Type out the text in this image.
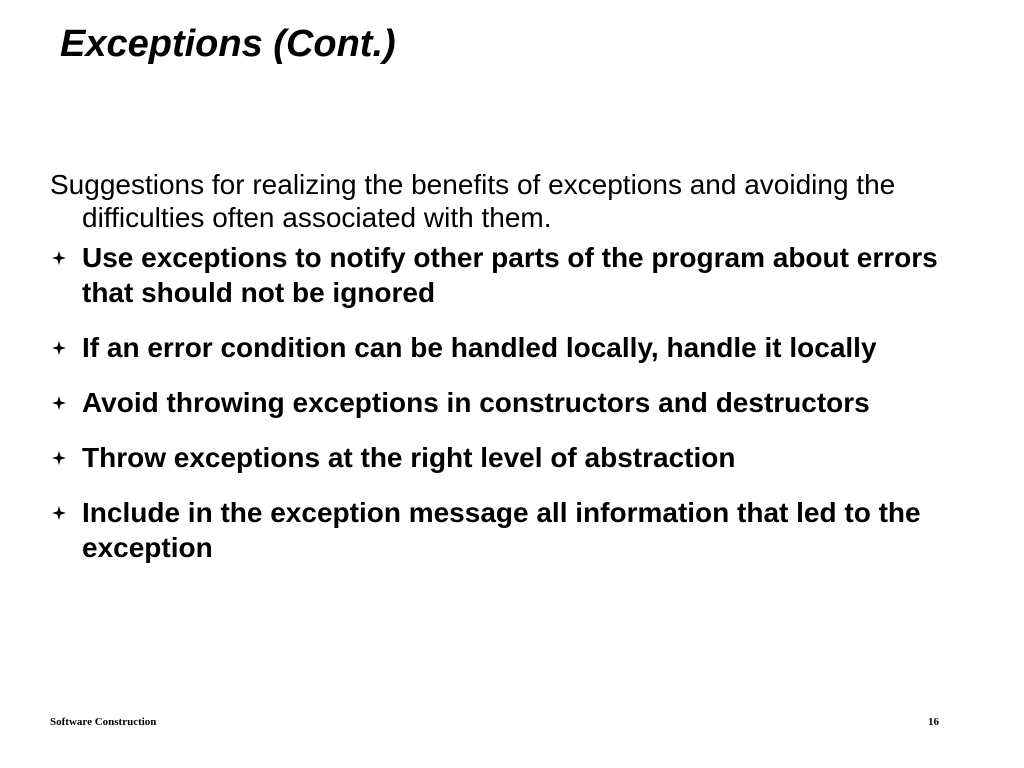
Exceptions (Cont.)

Suggestions for realizing the benefits of exceptions and avoiding the difficulties often associated with them.

Use exceptions to notify other parts of the program about errors that should not be ignored
If an error condition can be handled locally, handle it locally
Avoid throwing exceptions in constructors and destructors
Throw exceptions at the right level of abstraction
Include in the exception message all information that led to the exception
Software Construction	16
